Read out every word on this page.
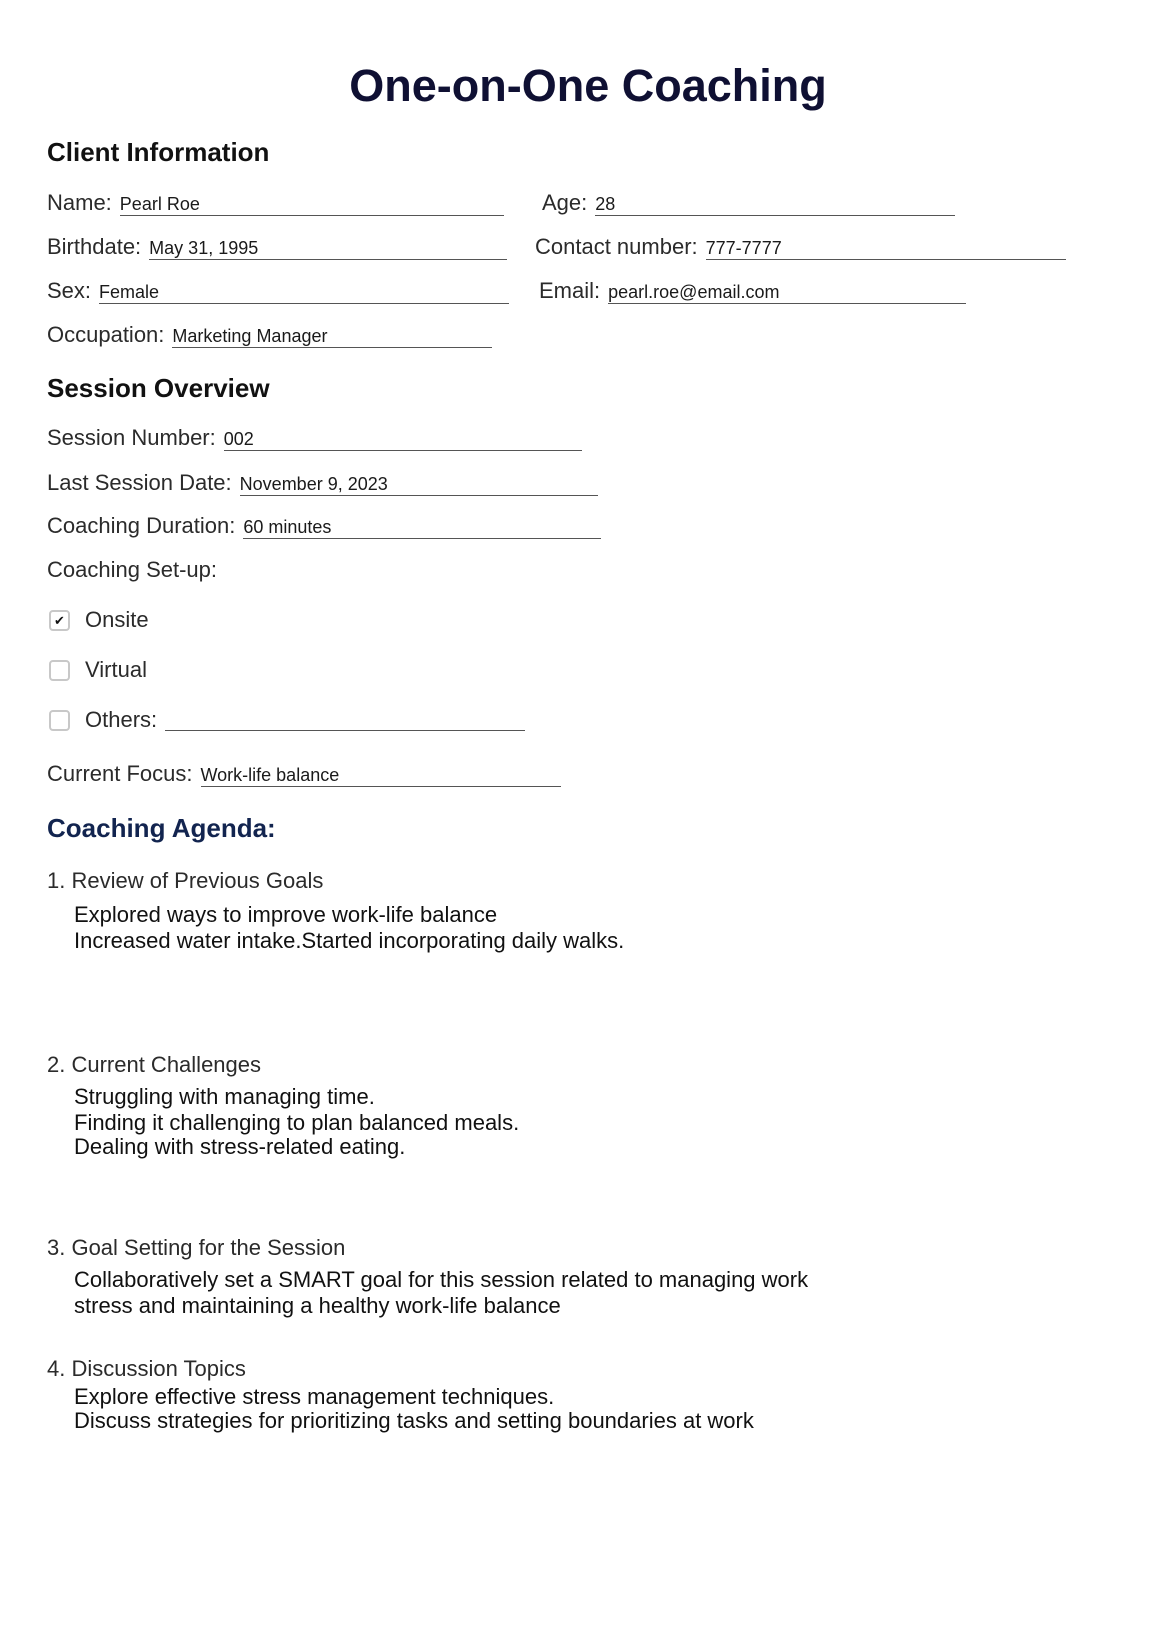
One-on-One Coaching
Client Information
Name: Pearl Roe	Age: 28
Birthdate: May 31, 1995	Contact number: 777-7777
Sex: Female	Email: pearl.roe@email.com
Occupation: Marketing Manager
Session Overview
Session Number: 002
Last Session Date: November 9, 2023
Coaching Duration: 60 minutes
Coaching Set-up:
✔ Onsite
Virtual
Others:
Current Focus: Work-life balance
Coaching Agenda:
1. Review of Previous Goals
Explored ways to improve work-life balance
Increased water intake.Started incorporating daily walks.
2. Current Challenges
Struggling with managing time.
Finding it challenging to plan balanced meals.
Dealing with stress-related eating.
3. Goal Setting for the Session
Collaboratively set a SMART goal for this session related to managing work
stress and maintaining a healthy work-life balance
4. Discussion Topics
Explore effective stress management techniques.
Discuss strategies for prioritizing tasks and setting boundaries at work
